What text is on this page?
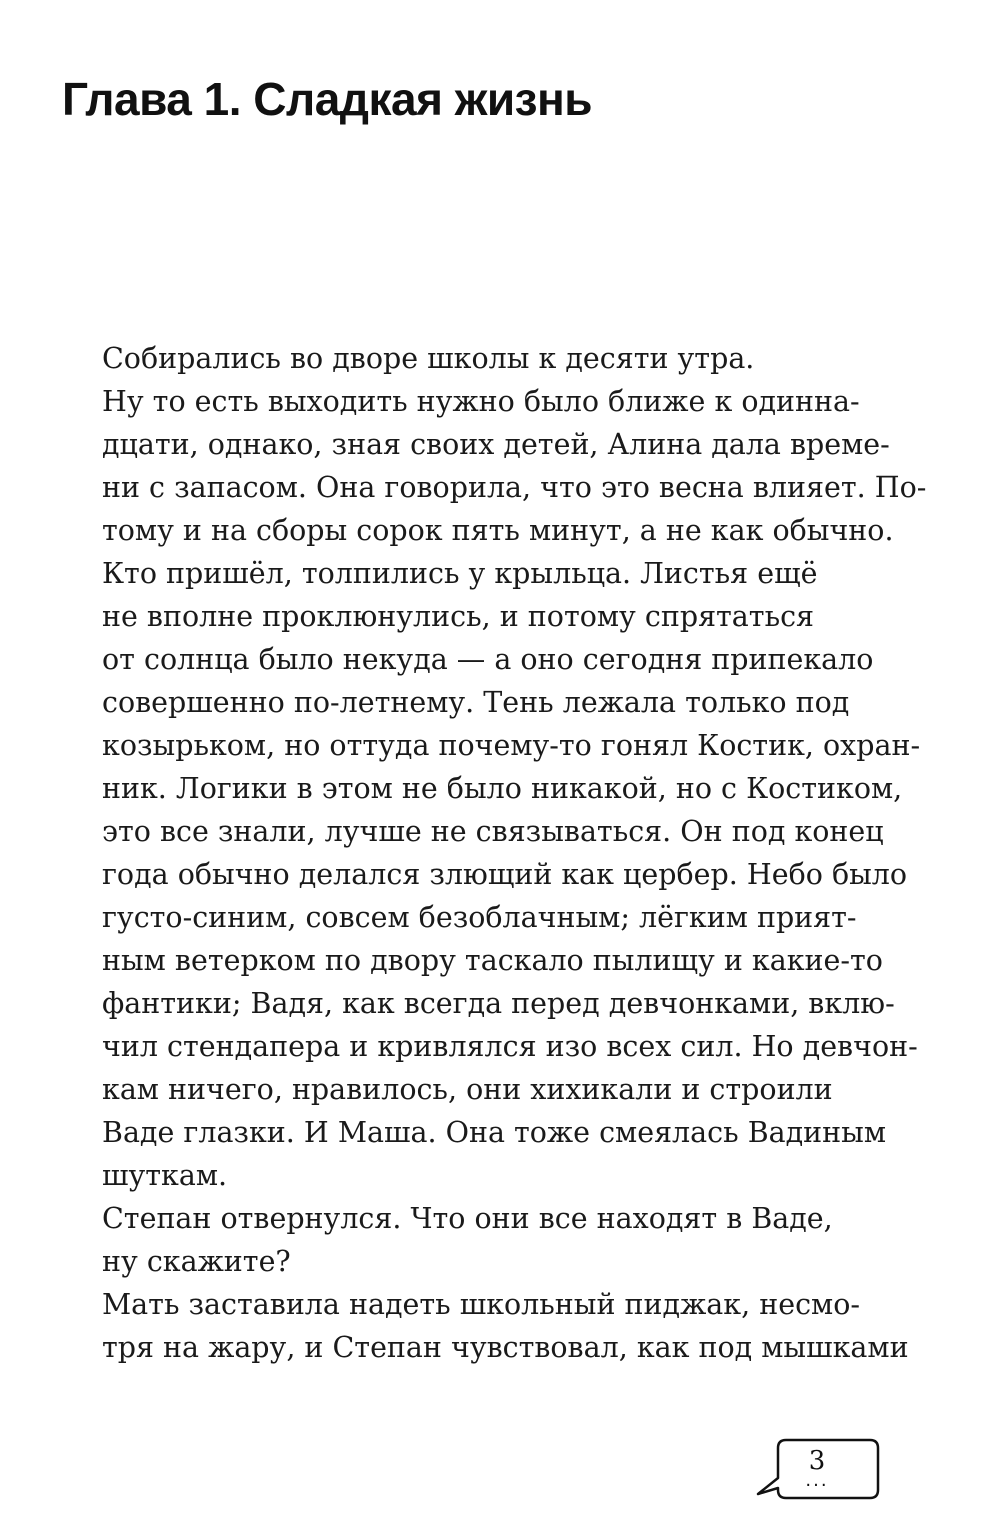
Глава 1. Сладкая жизнь

Собирались во дворе школы к десяти утра.
Ну то есть выходить нужно было ближе к одинна-
дцати, однако, зная своих детей, Алина дала време-
ни с запасом. Она говорила, что это весна влияет. По-
тому и на сборы сорок пять минут, а не как обычно.

Кто пришёл, толпились у крыльца. Листья ещё
не вполне проклюнулись, и потому спрятаться
от солнца было некуда — а оно сегодня припекало
совершенно по-летнему. Тень лежала только под
козырьком, но оттуда почему-то гонял Костик, охран-
ник. Логики в этом не было никакой, но с Костиком,
это все знали, лучше не связываться. Он под конец
года обычно делался злющий как цербер. Небо было
густо-синим, совсем безоблачным; лёгким прият-
ным ветерком по двору таскало пылищу и какие-то
фантики; Вадя, как всегда перед девчонками, вклю-
чил стендапера и кривлялся изо всех сил. Но девчон-
кам ничего, нравилось, они хихикали и строили
Ваде глазки. И Маша. Она тоже смеялась Вадиным
шуткам.

Степан отвернулся. Что они все находят в Ваде,
ну скажите?

Мать заставила надеть школьный пиджак, несмо-
тря на жару, и Степан чувствовал, как под мышками

3
...
